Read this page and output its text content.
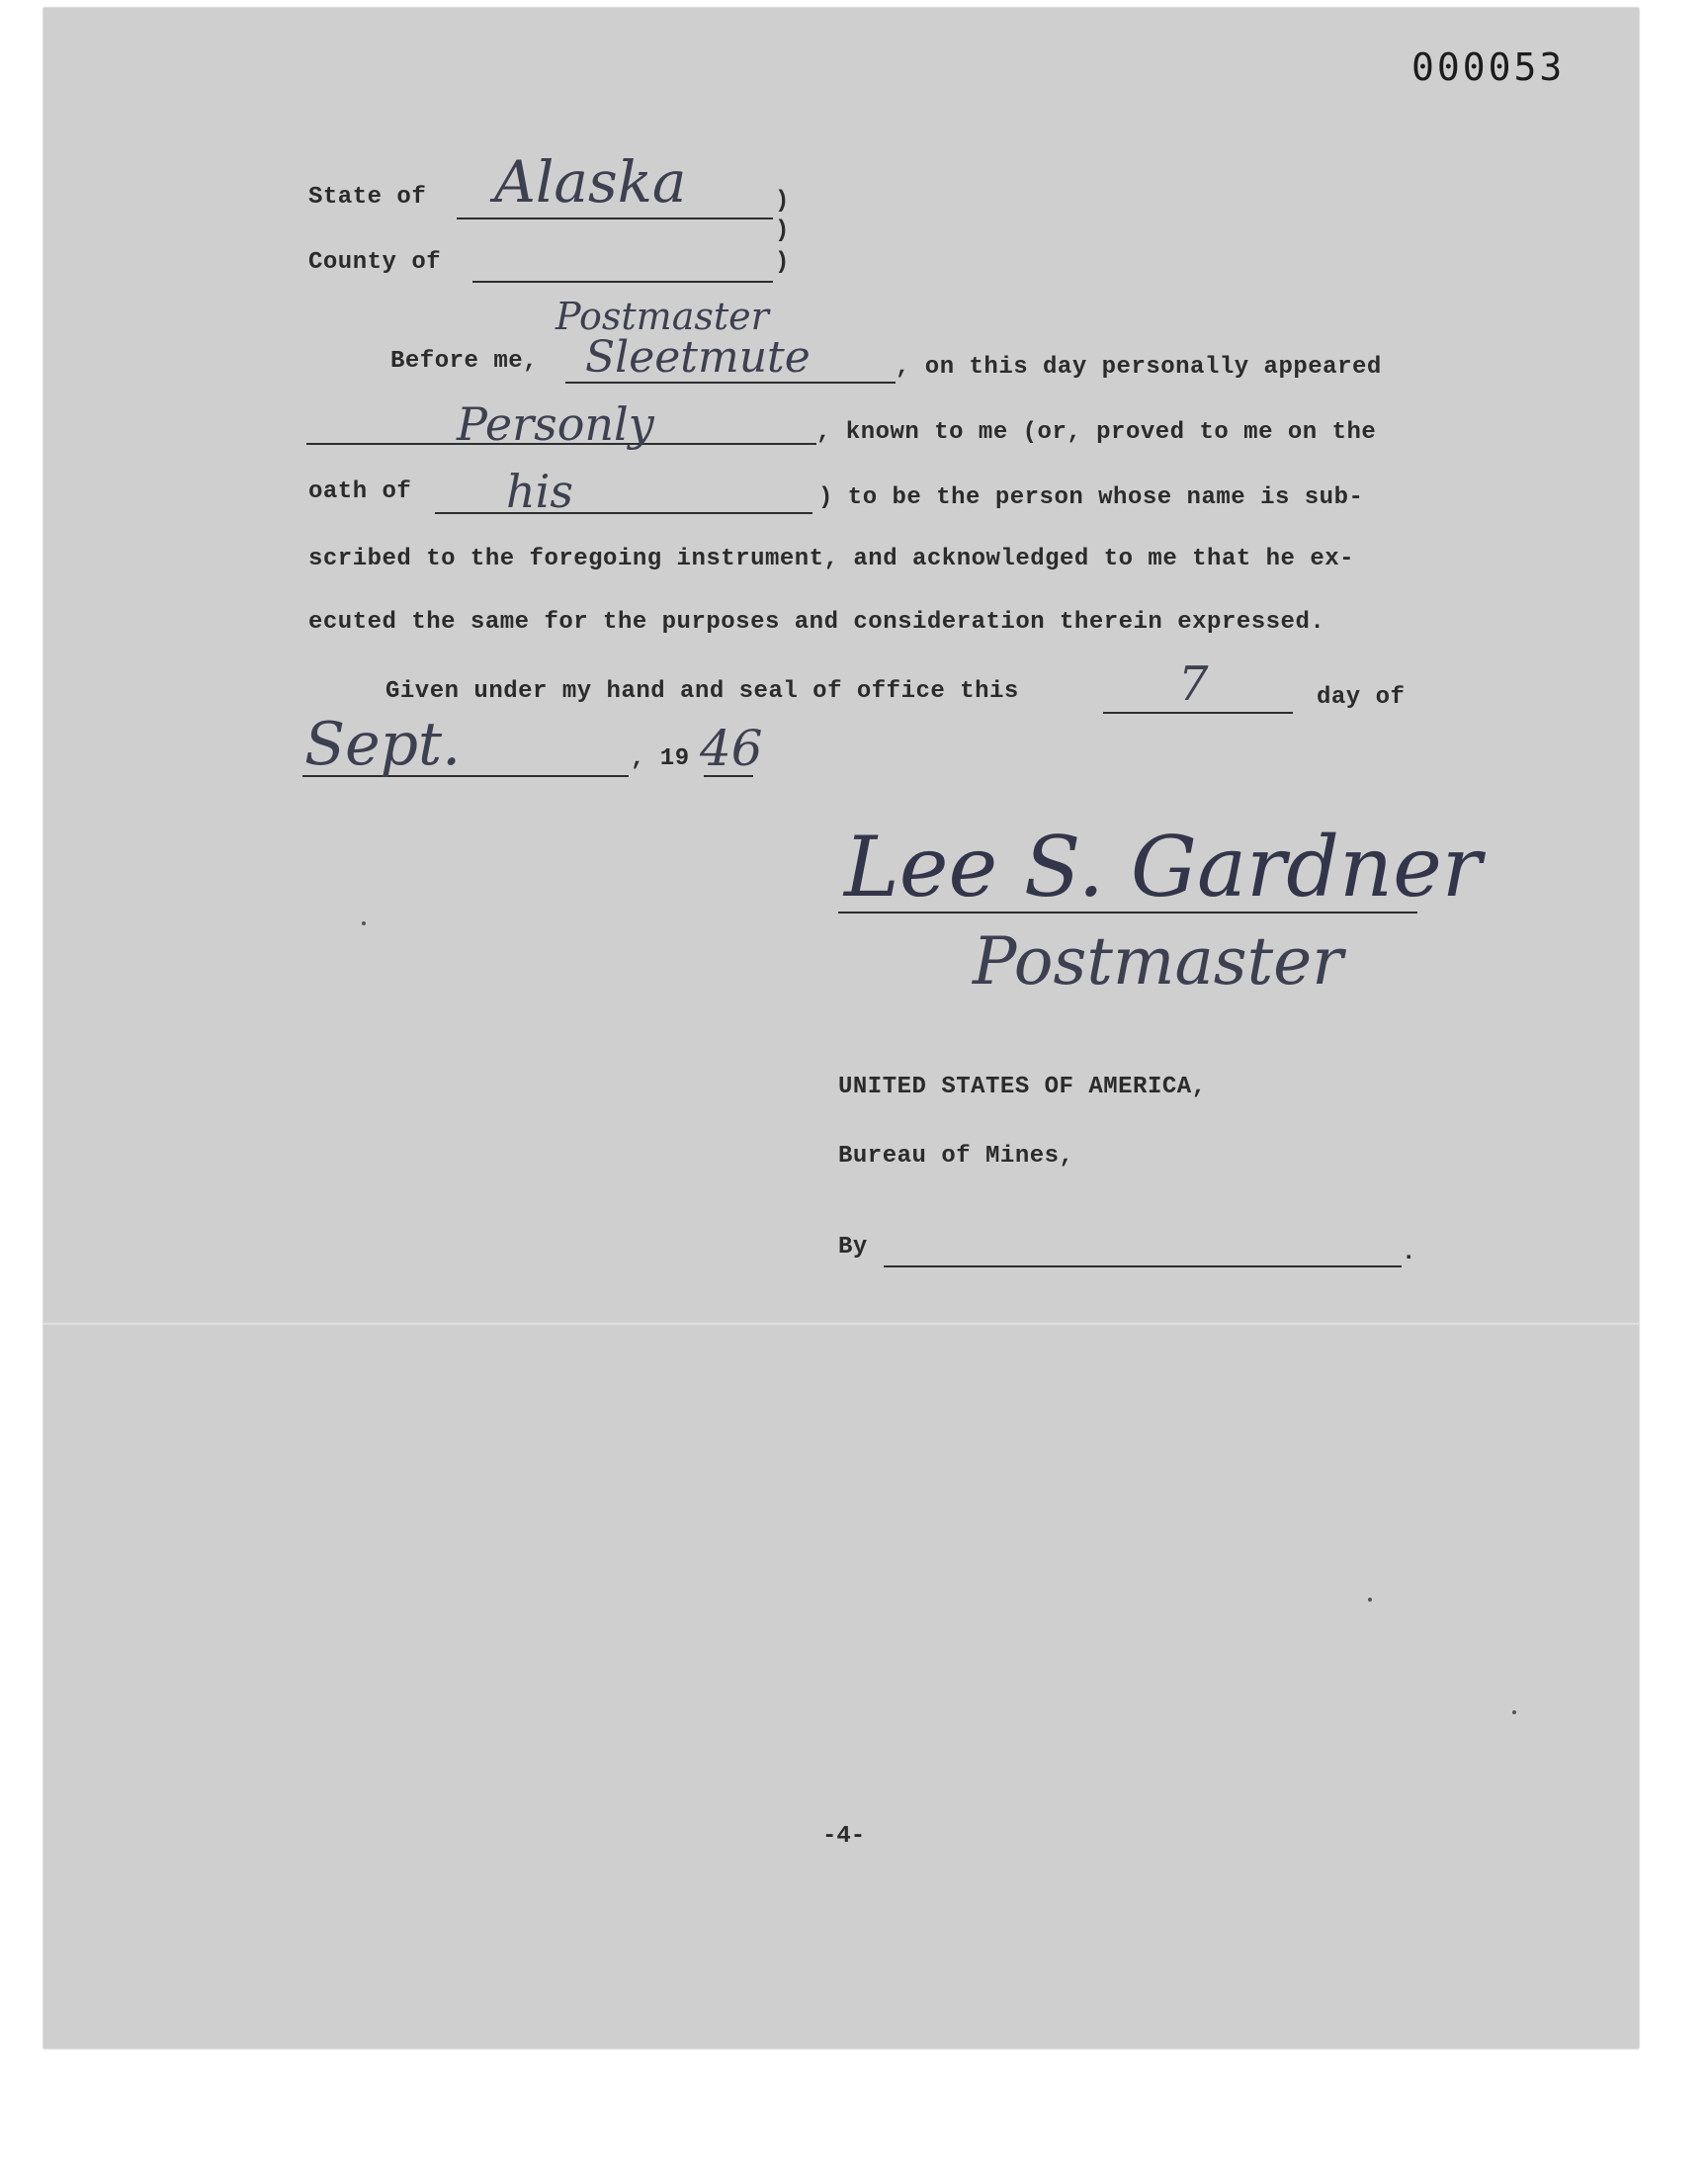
000053
State of Alaska	)
)
County of	)
Before me,
Postmaster
Sleetmute	, on this day personally appeared
Personly	, known to me (or, proved to me on the
oath of his	) to be the person whose name is sub-
scribed to the foregoing instrument, and acknowledged to me that he ex-
ecuted the same for the purposes and consideration therein expressed.
Given under my hand and seal of office this	7	day of
Sept.	, 19 46
Lee S. Gardner
Postmaster
UNITED STATES OF AMERICA,
Bureau of Mines,
By	.
-4-
